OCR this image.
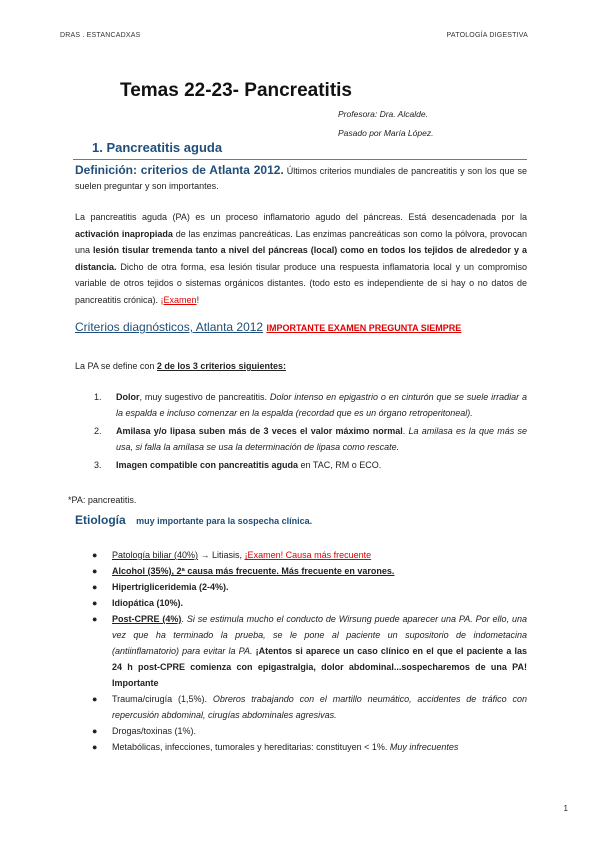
DRAS . ESTANCADXAS	PATOLOGÍA DIGESTIVA
Temas 22-23- Pancreatitis
Profesora: Dra. Alcalde.
Pasado por María López.
1. Pancreatitis aguda
Definición: criterios de Atlanta 2012. Últimos criterios mundiales de pancreatitis y son los que se suelen preguntar y son importantes.
La pancreatitis aguda (PA) es un proceso inflamatorio agudo del páncreas. Está desencadenada por la activación inapropiada de las enzimas pancreáticas. Las enzimas pancreáticas son como la pólvora, provocan una lesión tisular tremenda tanto a nivel del páncreas (local) como en todos los tejidos de alrededor y a distancia. Dicho de otra forma, esa lesión tisular produce una respuesta inflamatoria local y un compromiso variable de otros tejidos o sistemas orgánicos distantes. (todo esto es independiente de si hay o no datos de pancreatitis crónica). ¡Examen!
Criterios diagnósticos, Atlanta 2012 IMPORTANTE EXAMEN PREGUNTA SIEMPRE
La PA se define con 2 de los 3 criterios siguientes:
1. Dolor, muy sugestivo de pancreatitis. Dolor intenso en epigastrio o en cinturón que se suele irradiar a la espalda e incluso comenzar en la espalda (recordad que es un órgano retroperitoneal).
2. Amilasa y/o lipasa suben más de 3 veces el valor máximo normal. La amilasa es la que más se usa, si falla la amilasa se usa la determinación de lipasa como rescate.
3. Imagen compatible con pancreatitis aguda en TAC, RM o ECO.
*PA: pancreatitis.
Etiología muy importante para la sospecha clínica.
● Patología biliar (40%) → Litiasis, ¡Examen! Causa más frecuente
● Alcohol (35%), 2ª causa más frecuente. Más frecuente en varones.
● Hipertrigliceridemia (2-4%).
● Idiopática (10%).
● Post-CPRE (4%). Si se estimula mucho el conducto de Wirsung puede aparecer una PA. Por ello, una vez que ha terminado la prueba, se le pone al paciente un supositorio de indometacina (antiinflamatorio) para evitar la PA. ¡Atentos si aparece un caso clínico en el que el paciente a las 24 h post-CPRE comienza con epigastralgia, dolor abdominal...sospecharemos de una PA! Importante
● Trauma/cirugía (1,5%). Obreros trabajando con el martillo neumático, accidentes de tráfico con repercusión abdominal, cirugías abdominales agresivas.
● Drogas/toxinas (1%).
● Metabólicas, infecciones, tumorales y hereditarias: constituyen < 1%. Muy infrecuentes
1
